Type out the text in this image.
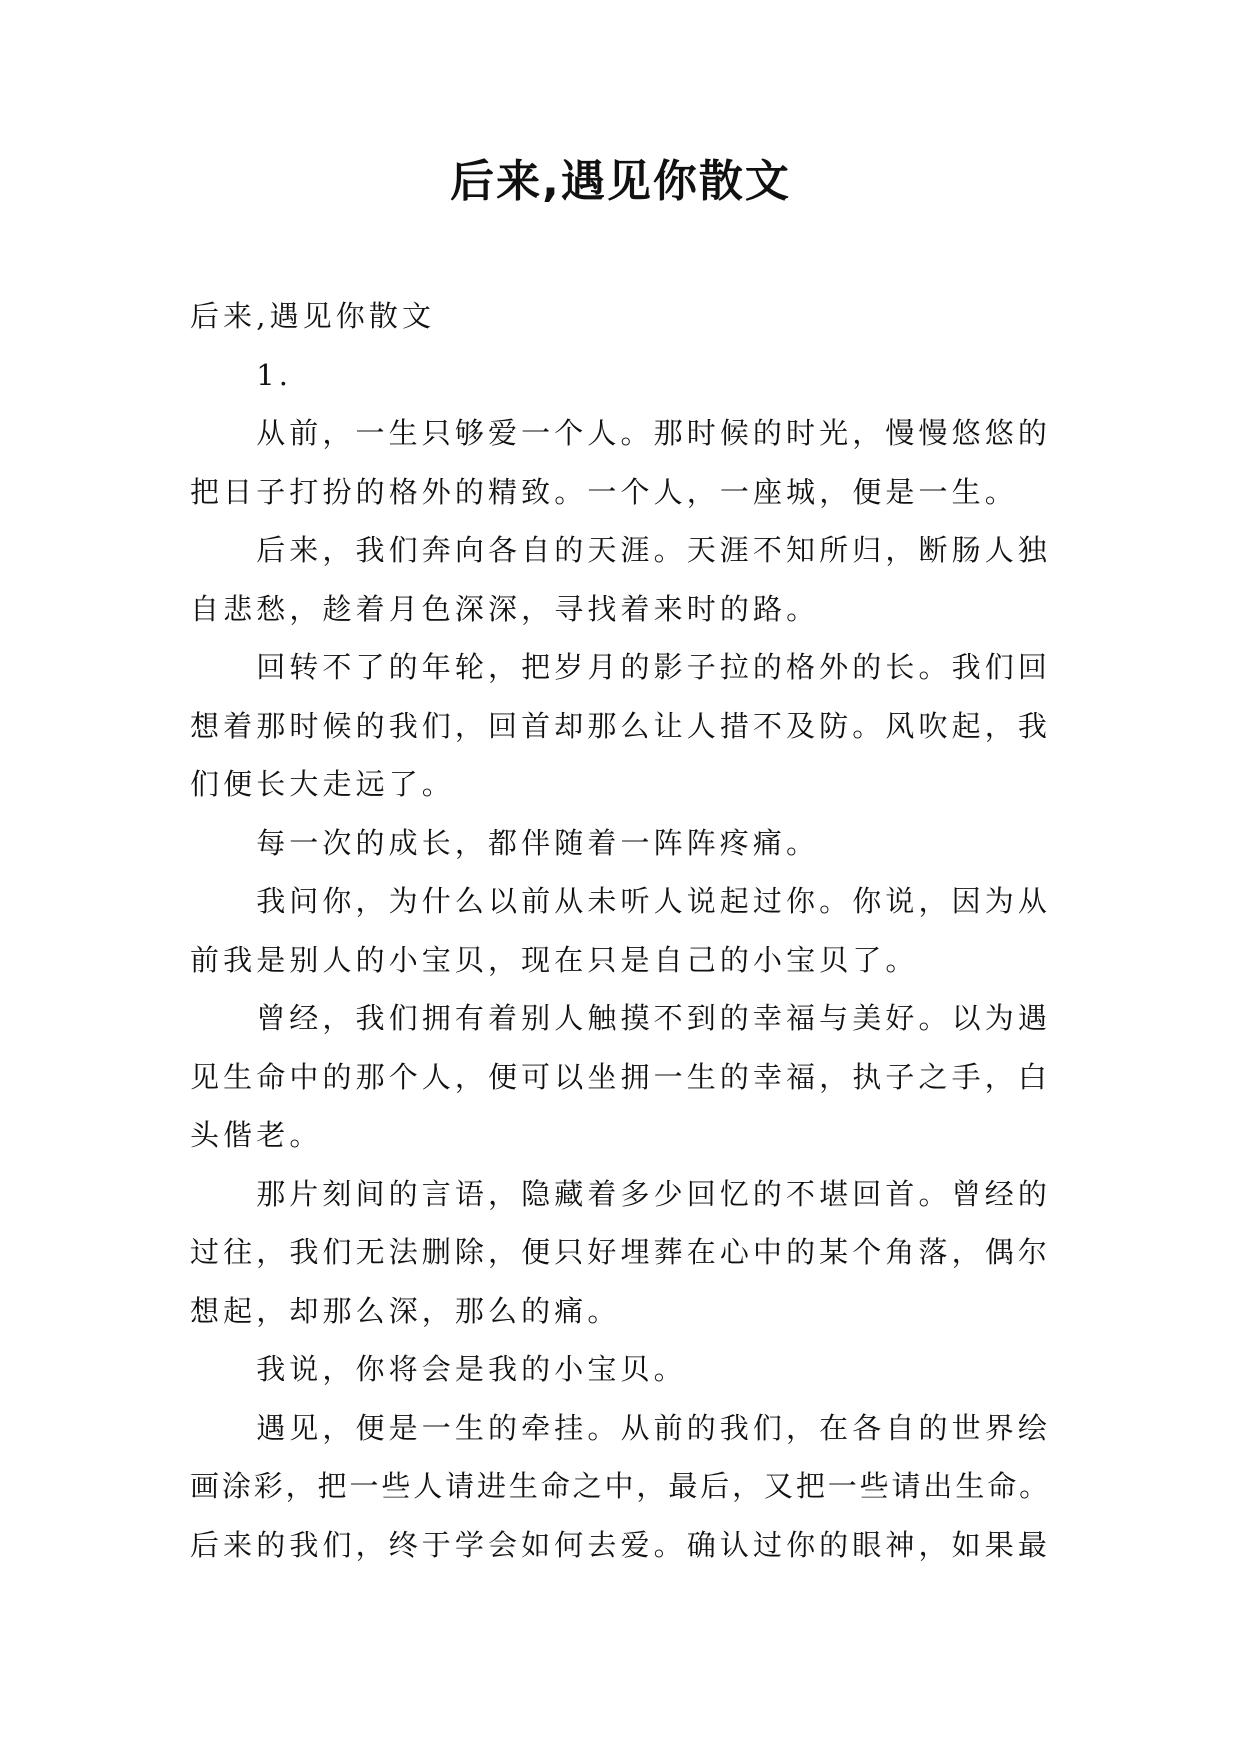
后来,遇见你散文
后来,遇见你散文
1.
从前，一生只够爱一个人。那时候的时光，慢慢悠悠的
把日子打扮的格外的精致。一个人，一座城，便是一生。
后来，我们奔向各自的天涯。天涯不知所归，断肠人独
自悲愁，趁着月色深深，寻找着来时的路。
回转不了的年轮，把岁月的影子拉的格外的长。我们回
想着那时候的我们，回首却那么让人措不及防。风吹起，我
们便长大走远了。
每一次的成长，都伴随着一阵阵疼痛。
我问你，为什么以前从未听人说起过你。你说，因为从
前我是别人的小宝贝，现在只是自己的小宝贝了。
曾经，我们拥有着别人触摸不到的幸福与美好。以为遇
见生命中的那个人，便可以坐拥一生的幸福，执子之手，白
头偕老。
那片刻间的言语，隐藏着多少回忆的不堪回首。曾经的
过往，我们无法删除，便只好埋葬在心中的某个角落，偶尔
想起，却那么深，那么的痛。
我说，你将会是我的小宝贝。
遇见，便是一生的牵挂。从前的我们，在各自的世界绘
画涂彩，把一些人请进生命之中，最后，又把一些请出生命。
后来的我们，终于学会如何去爱。确认过你的眼神，如果最
